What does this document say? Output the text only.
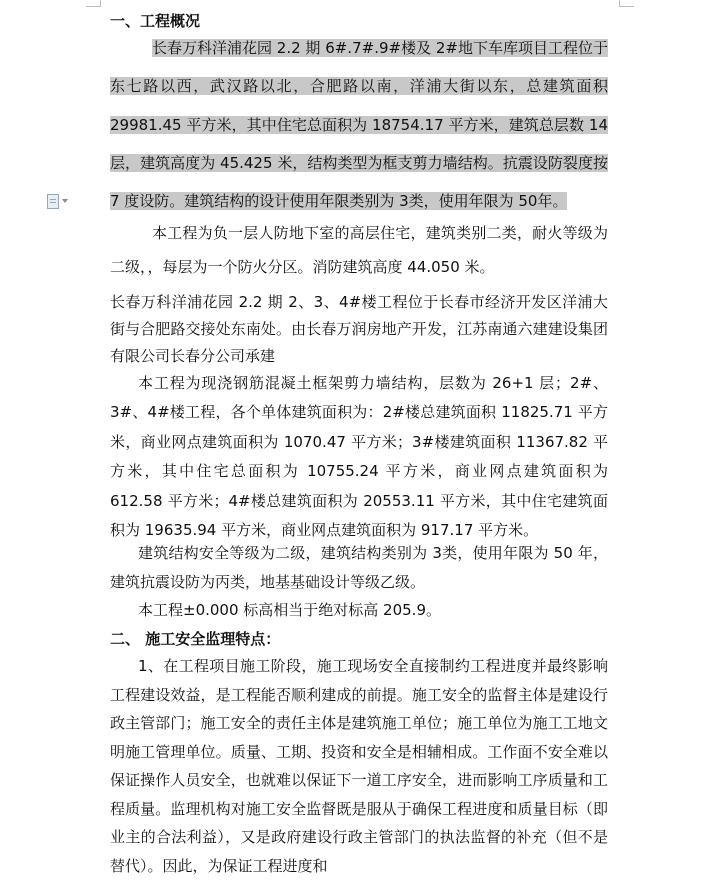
一、工程概况

长春万科洋浦花园 2.2 期 6#.7#.9#楼及 2#地下车库项目工程位于东七路以西，武汉路以北，合肥路以南，洋浦大街以东，总建筑面积 29981.45 平方米，其中住宅总面积为 18754.17 平方米，建筑总层数 14 层，建筑高度为 45.425 米，结构类型为框支剪力墙结构。抗震设防裂度按 7 度设防。建筑结构的设计使用年限类别为 3类，使用年限为 50年。

本工程为负一层人防地下室的高层住宅，建筑类别二类，耐火等级为二级，，每层为一个防火分区。消防建筑高度 44.050 米。

长春万科洋浦花园 2.2 期 2、3、4#楼工程位于长春市经济开发区洋浦大街与合肥路交接处东南处。由长春万润房地产开发，江苏南通六建建设集团有限公司长春分公司承建

本工程为现浇钢筋混凝土框架剪力墙结构，层数为 26+1 层；2#、3#、4#楼工程，各个单体建筑面积为：2#楼总建筑面积 11825.71 平方米，商业网点建筑面积为 1070.47 平方米；3#楼建筑面积 11367.82 平方米，其中住宅总面积为 10755.24 平方米，商业网点建筑面积为 612.58 平方米；4#楼总建筑面积为 20553.11 平方米，其中住宅建筑面积为 19635.94 平方米，商业网点建筑面积为 917.17 平方米。

建筑结构安全等级为二级，建筑结构类别为 3类，使用年限为 50 年，建筑抗震设防为丙类，地基基础设计等级乙级。

本工程±0.000 标高相当于绝对标高 205.9。

二、 施工安全监理特点：

1、在工程项目施工阶段，施工现场安全直接制约工程进度并最终影响工程建设效益，是工程能否顺利建成的前提。施工安全的监督主体是建设行政主管部门；施工安全的责任主体是建筑施工单位；施工单位为施工工地文明施工管理单位。质量、工期、投资和安全是相辅相成。工作面不安全难以保证操作人员安全，也就难以保证下一道工序安全，进而影响工序质量和工程质量。监理机构对施工安全监督既是服从于确保工程进度和质量目标（即业主的合法利益），又是政府建设行政主管部门的执法监督的补充（但不是替代）。因此，为保证工程进度和
